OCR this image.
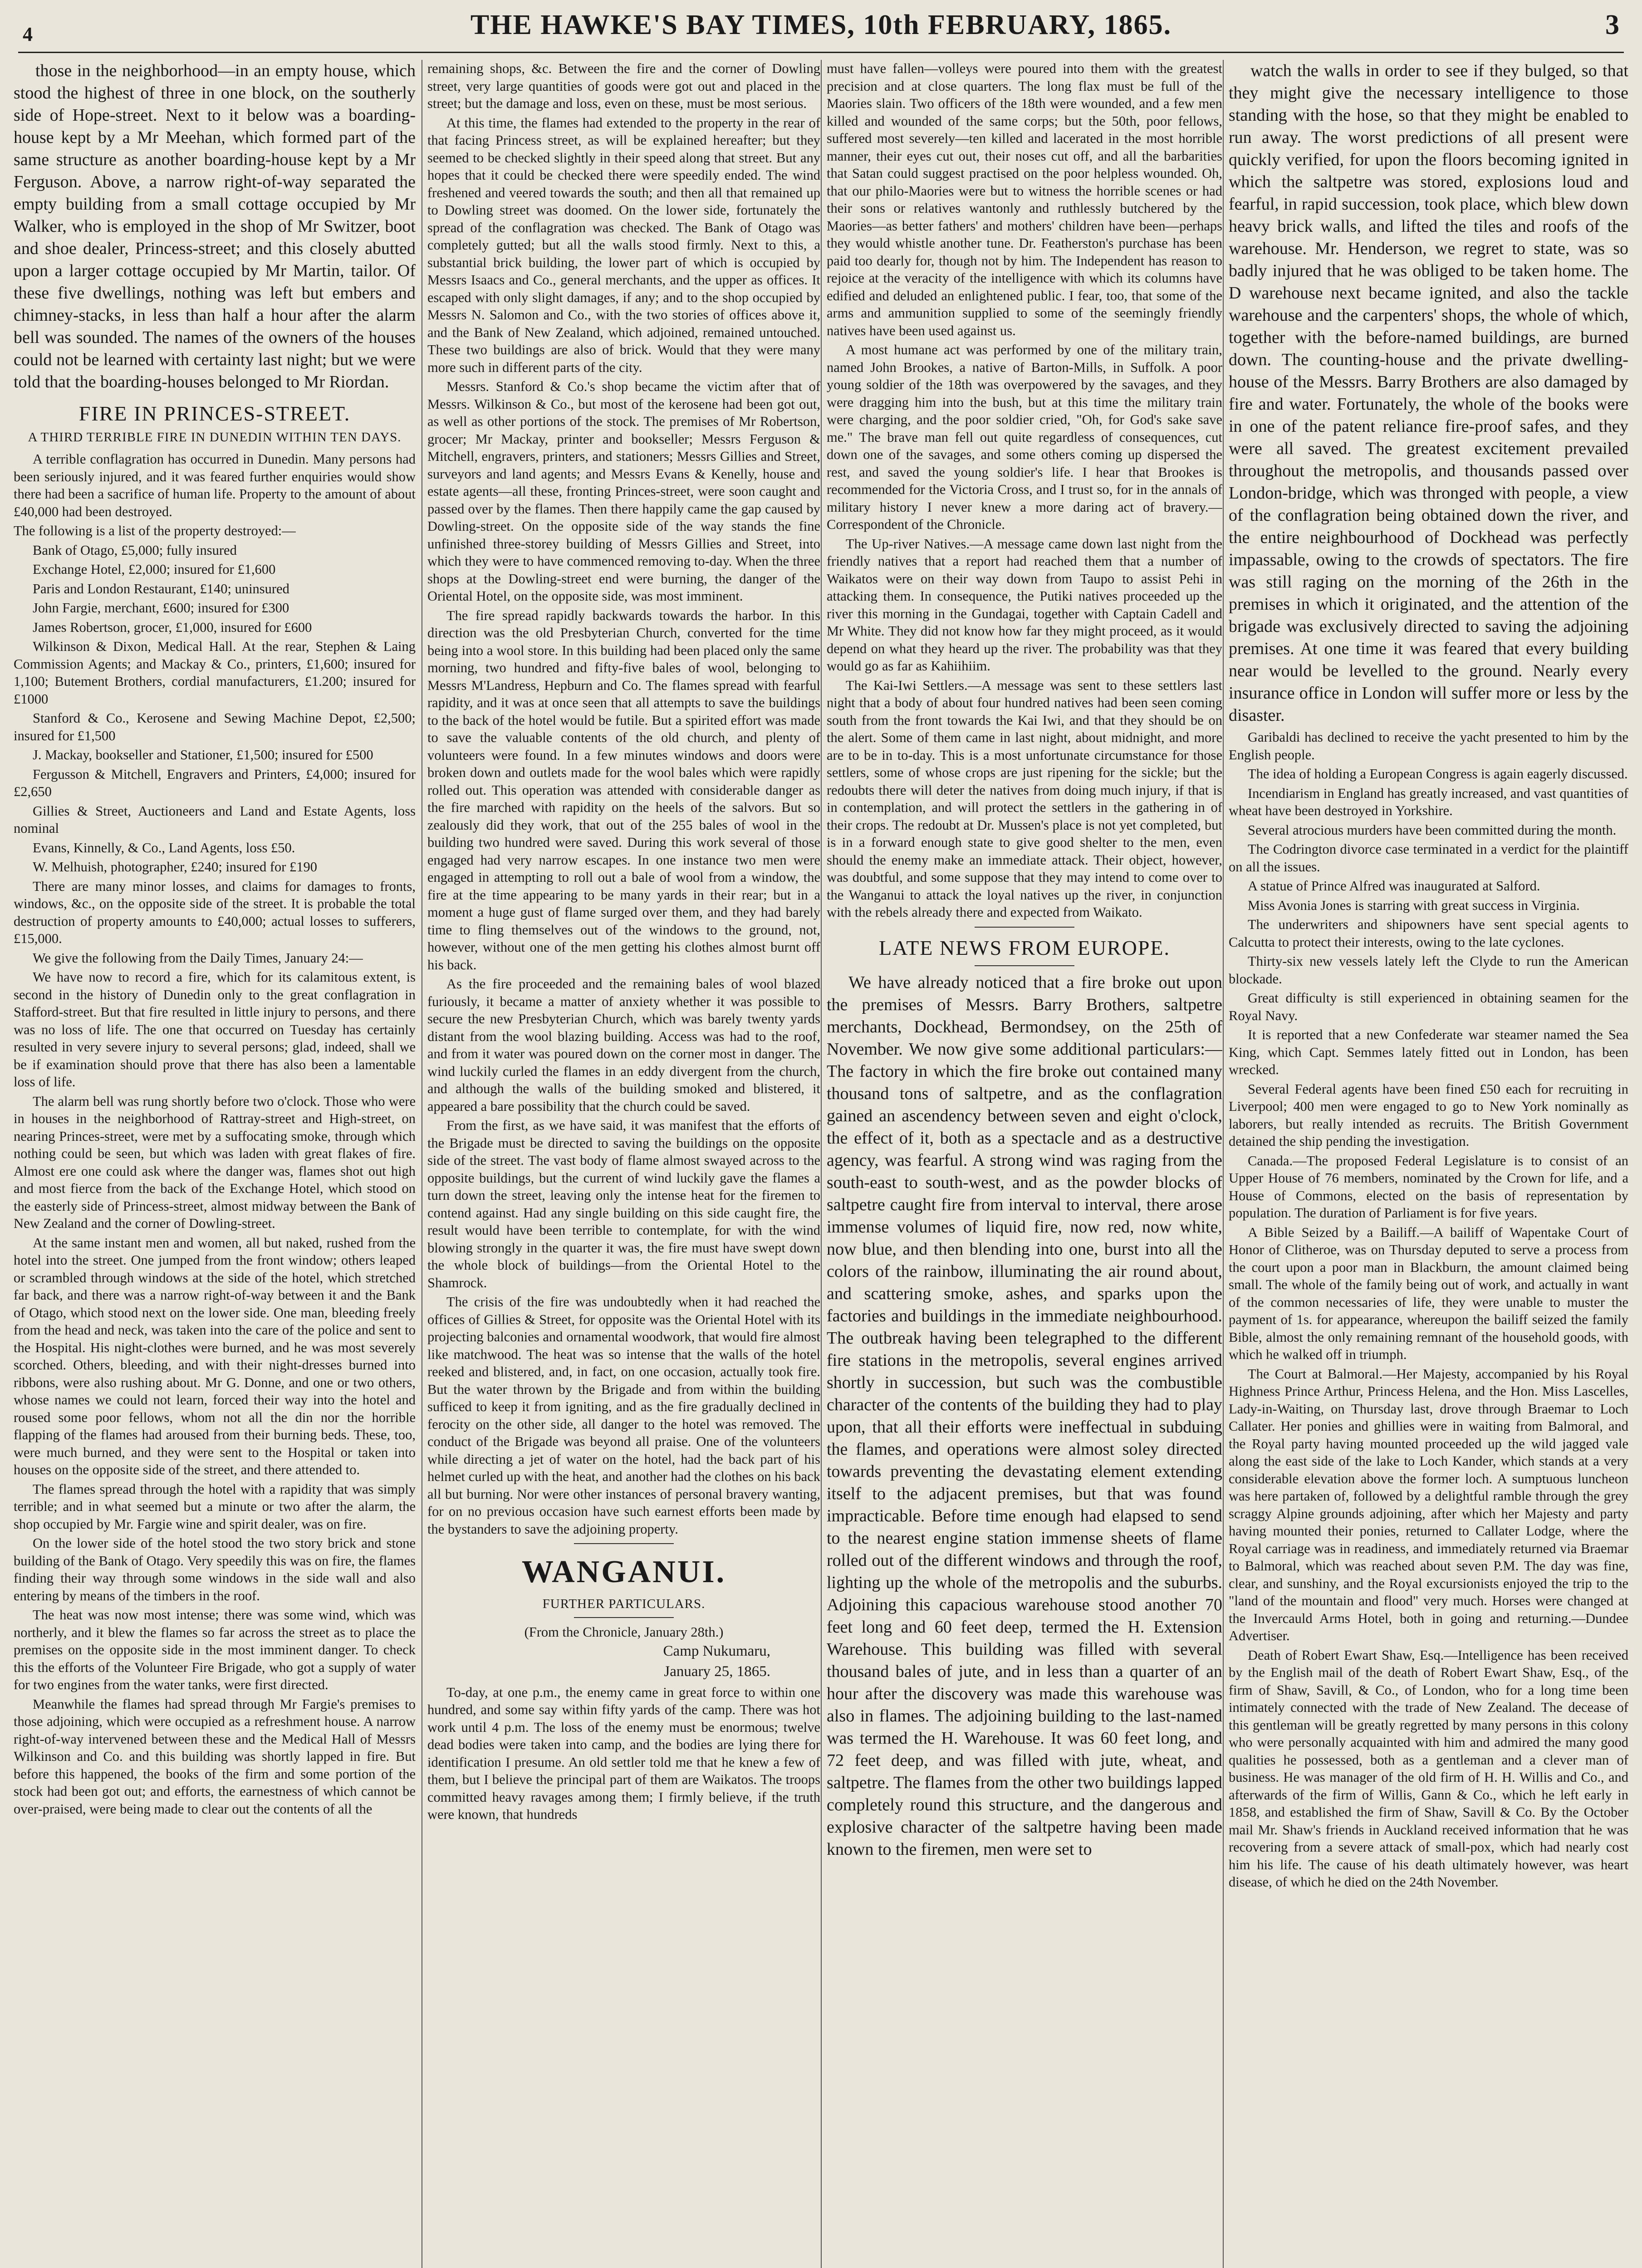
4	THE HAWKE'S BAY TIMES, 10th FEBRUARY, 1865.	3

those in the neighborhood—in an empty house, which stood the highest of three in one block, on the southerly side of Hope-street. Next to it below was a boarding-house kept by a Mr Meehan, which formed part of the same structure as another boarding-house kept by a Mr Ferguson. Above, a narrow right-of-way separated the empty building from a small cottage occupied by Mr Walker, who is employed in the shop of Mr Switzer, boot and shoe dealer, Princess-street; and this closely abutted upon a larger cottage occupied by Mr Martin, tailor. Of these five dwellings, nothing was left but embers and chimney-stacks, in less than half a hour after the alarm bell was sounded. The names of the owners of the houses could not be learned with certainty last night; but we were told that the boarding-houses belonged to Mr Riordan.

FIRE IN PRINCES-STREET.
A THIRD TERRIBLE FIRE IN DUNEDIN WITHIN TEN DAYS.

A terrible conflagration has occurred in Dunedin. Many persons had been seriously injured, and it was feared further enquiries would show there had been a sacrifice of human life. Property to the amount of about £40,000 had been destroyed.

The following is a list of the property destroyed:—

Bank of Otago, £5,000; fully insured

Exchange Hotel, £2,000; insured for £1,600

Paris and London Restaurant, £140; uninsured

John Fargie, merchant, £600; insured for £300

James Robertson, grocer, £1,000, insured for £600

Wilkinson & Dixon, Medical Hall. At the rear, Stephen & Laing Commission Agents; and Mackay & Co., printers, £1,600; insured for 1,100; Butement Brothers, cordial manufacturers, £1.200; insured for £1000

Stanford & Co., Kerosene and Sewing Machine Depot, £2,500; insured for £1,500

J. Mackay, bookseller and Stationer, £1,500; insured for £500

Fergusson & Mitchell, Engravers and Printers, £4,000; insured for £2,650

Gillies & Street, Auctioneers and Land and Estate Agents, loss nominal

Evans, Kinnelly, & Co., Land Agents, loss £50.

W. Melhuish, photographer, £240; insured for £190

There are many minor losses, and claims for damages to fronts, windows, &c., on the opposite side of the street. It is probable the total destruction of property amounts to £40,000; actual losses to sufferers, £15,000.

We give the following from the Daily Times, January 24:—

We have now to record a fire, which for its calamitous extent, is second in the history of Dunedin only to the great conflagration in Stafford-street. But that fire resulted in little injury to persons, and there was no loss of life. The one that occurred on Tuesday has certainly resulted in very severe injury to several persons; glad, indeed, shall we be if examination should prove that there has also been a lamentable loss of life.

The alarm bell was rung shortly before two o'clock. Those who were in houses in the neighborhood of Rattray-street and High-street, on nearing Princes-street, were met by a suffocating smoke, through which nothing could be seen, but which was laden with great flakes of fire. Almost ere one could ask where the danger was, flames shot out high and most fierce from the back of the Exchange Hotel, which stood on the easterly side of Princess-street, almost midway between the Bank of New Zealand and the corner of Dowling-street.

At the same instant men and women, all but naked, rushed from the hotel into the street. One jumped from the front window; others leaped or scrambled through windows at the side of the hotel, which stretched far back, and there was a narrow right-of-way between it and the Bank of Otago, which stood next on the lower side. One man, bleeding freely from the head and neck, was taken into the care of the police and sent to the Hospital. His night-clothes were burned, and he was most severely scorched. Others, bleeding, and with their night-dresses burned into ribbons, were also rushing about. Mr G. Donne, and one or two others, whose names we could not learn, forced their way into the hotel and roused some poor fellows, whom not all the din nor the horrible flapping of the flames had aroused from their burning beds. These, too, were much burned, and they were sent to the Hospital or taken into houses on the opposite side of the street, and there attended to.

The flames spread through the hotel with a rapidity that was simply terrible; and in what seemed but a minute or two after the alarm, the shop occupied by Mr. Fargie wine and spirit dealer, was on fire.

On the lower side of the hotel stood the two story brick and stone building of the Bank of Otago. Very speedily this was on fire, the flames finding their way through some windows in the side wall and also entering by means of the timbers in the roof.

The heat was now most intense; there was some wind, which was northerly, and it blew the flames so far across the street as to place the premises on the opposite side in the most imminent danger. To check this the efforts of the Volunteer Fire Brigade, who got a supply of water for two engines from the water tanks, were first directed.

Meanwhile the flames had spread through Mr Fargie's premises to those adjoining, which were occupied as a refreshment house. A narrow right-of-way intervened between these and the Medical Hall of Messrs Wilkinson and Co. and this building was shortly lapped in fire. But before this happened, the books of the firm and some portion of the stock had been got out; and efforts, the earnestness of which cannot be over-praised, were being made to clear out the contents of all the

remaining shops, &c. Between the fire and the corner of Dowling street, very large quantities of goods were got out and placed in the street; but the damage and loss, even on these, must be most serious.

At this time, the flames had extended to the property in the rear of that facing Princess street, as will be explained hereafter; but they seemed to be checked slightly in their speed along that street. But any hopes that it could be checked there were speedily ended. The wind freshened and veered towards the south; and then all that remained up to Dowling street was doomed. On the lower side, fortunately the spread of the conflagration was checked. The Bank of Otago was completely gutted; but all the walls stood firmly. Next to this, a substantial brick building, the lower part of which is occupied by Messrs Isaacs and Co., general merchants, and the upper as offices. It escaped with only slight damages, if any; and to the shop occupied by Messrs N. Salomon and Co., with the two stories of offices above it, and the Bank of New Zealand, which adjoined, remained untouched. These two buildings are also of brick. Would that they were many more such in different parts of the city.

Messrs. Stanford & Co.'s shop became the victim after that of Messrs. Wilkinson & Co., but most of the kerosene had been got out, as well as other portions of the stock. The premises of Mr Robertson, grocer; Mr Mackay, printer and bookseller; Messrs Ferguson & Mitchell, engravers, printers, and stationers; Messrs Gillies and Street, surveyors and land agents; and Messrs Evans & Kenelly, house and estate agents—all these, fronting Princes-street, were soon caught and passed over by the flames. Then there happily came the gap caused by Dowling-street. On the opposite side of the way stands the fine unfinished three-storey building of Messrs Gillies and Street, into which they were to have commenced removing to-day. When the three shops at the Dowling-street end were burning, the danger of the Oriental Hotel, on the opposite side, was most imminent.

The fire spread rapidly backwards towards the harbor. In this direction was the old Presbyterian Church, converted for the time being into a wool store. In this building had been placed only the same morning, two hundred and fifty-five bales of wool, belonging to Messrs M'Landress, Hepburn and Co. The flames spread with fearful rapidity, and it was at once seen that all attempts to save the buildings to the back of the hotel would be futile. But a spirited effort was made to save the valuable contents of the old church, and plenty of volunteers were found. In a few minutes windows and doors were broken down and outlets made for the wool bales which were rapidly rolled out. This operation was attended with considerable danger as the fire marched with rapidity on the heels of the salvors. But so zealously did they work, that out of the 255 bales of wool in the building two hundred were saved. During this work several of those engaged had very narrow escapes. In one instance two men were engaged in attempting to roll out a bale of wool from a window, the fire at the time appearing to be many yards in their rear; but in a moment a huge gust of flame surged over them, and they had barely time to fling themselves out of the windows to the ground, not, however, without one of the men getting his clothes almost burnt off his back.

As the fire proceeded and the remaining bales of wool blazed furiously, it became a matter of anxiety whether it was possible to secure the new Presbyterian Church, which was barely twenty yards distant from the wool blazing building. Access was had to the roof, and from it water was poured down on the corner most in danger. The wind luckily curled the flames in an eddy divergent from the church, and although the walls of the building smoked and blistered, it appeared a bare possibility that the church could be saved.

From the first, as we have said, it was manifest that the efforts of the Brigade must be directed to saving the buildings on the opposite side of the street. The vast body of flame almost swayed across to the opposite buildings, but the current of wind luckily gave the flames a turn down the street, leaving only the intense heat for the firemen to contend against. Had any single building on this side caught fire, the result would have been terrible to contemplate, for with the wind blowing strongly in the quarter it was, the fire must have swept down the whole block of buildings—from the Oriental Hotel to the Shamrock.

The crisis of the fire was undoubtedly when it had reached the offices of Gillies & Street, for opposite was the Oriental Hotel with its projecting balconies and ornamental woodwork, that would fire almost like matchwood. The heat was so intense that the walls of the hotel reeked and blistered, and, in fact, on one occasion, actually took fire. But the water thrown by the Brigade and from within the building sufficed to keep it from igniting, and as the fire gradually declined in ferocity on the other side, all danger to the hotel was removed. The conduct of the Brigade was beyond all praise. One of the volunteers while directing a jet of water on the hotel, had the back part of his helmet curled up with the heat, and another had the clothes on his back all but burning. Nor were other instances of personal bravery wanting, for on no previous occasion have such earnest efforts been made by the bystanders to save the adjoining property.

WANGANUI.
FURTHER PARTICULARS.

(From the Chronicle, January 28th.)

Camp Nukumaru,
January 25, 1865.

To-day, at one p.m., the enemy came in great force to within one hundred, and some say within fifty yards of the camp. There was hot work until 4 p.m. The loss of the enemy must be enormous; twelve dead bodies were taken into camp, and the bodies are lying there for identification I presume. An old settler told me that he knew a few of them, but I believe the principal part of them are Waikatos. The troops committed heavy ravages among them; I firmly believe, if the truth were known, that hundreds

must have fallen—volleys were poured into them with the greatest precision and at close quarters. The long flax must be full of the Maories slain. Two officers of the 18th were wounded, and a few men killed and wounded of the same corps; but the 50th, poor fellows, suffered most severely—ten killed and lacerated in the most horrible manner, their eyes cut out, their noses cut off, and all the barbarities that Satan could suggest practised on the poor helpless wounded. Oh, that our philo-Maories were but to witness the horrible scenes or had their sons or relatives wantonly and ruthlessly butchered by the Maories—as better fathers' and mothers' children have been—perhaps they would whistle another tune. Dr. Featherston's purchase has been paid too dearly for, though not by him. The Independent has reason to rejoice at the veracity of the intelligence with which its columns have edified and deluded an enlightened public. I fear, too, that some of the arms and ammunition supplied to some of the seemingly friendly natives have been used against us.

A most humane act was performed by one of the military train, named John Brookes, a native of Barton-Mills, in Suffolk. A poor young soldier of the 18th was overpowered by the savages, and they were dragging him into the bush, but at this time the military train were charging, and the poor soldier cried, "Oh, for God's sake save me." The brave man fell out quite regardless of consequences, cut down one of the savages, and some others coming up dispersed the rest, and saved the young soldier's life. I hear that Brookes is recommended for the Victoria Cross, and I trust so, for in the annals of military history I never knew a more daring act of bravery.—Correspondent of the Chronicle.

The Up-river Natives.—A message came down last night from the friendly natives that a report had reached them that a number of Waikatos were on their way down from Taupo to assist Pehi in attacking them. In consequence, the Putiki natives proceeded up the river this morning in the Gundagai, together with Captain Cadell and Mr White. They did not know how far they might proceed, as it would depend on what they heard up the river. The probability was that they would go as far as Kahiihiim.

The Kai-Iwi Settlers.—A message was sent to these settlers last night that a body of about four hundred natives had been seen coming south from the front towards the Kai Iwi, and that they should be on the alert. Some of them came in last night, about midnight, and more are to be in to-day. This is a most unfortunate circumstance for those settlers, some of whose crops are just ripening for the sickle; but the redoubts there will deter the natives from doing much injury, if that is in contemplation, and will protect the settlers in the gathering in of their crops. The redoubt at Dr. Mussen's place is not yet completed, but is in a forward enough state to give good shelter to the men, even should the enemy make an immediate attack. Their object, however, was doubtful, and some suppose that they may intend to come over to the Wanganui to attack the loyal natives up the river, in conjunction with the rebels already there and expected from Waikato.

LATE NEWS FROM EUROPE.

We have already noticed that a fire broke out upon the premises of Messrs. Barry Brothers, saltpetre merchants, Dockhead, Bermondsey, on the 25th of November. We now give some additional particulars:—The factory in which the fire broke out contained many thousand tons of saltpetre, and as the conflagration gained an ascendency between seven and eight o'clock, the effect of it, both as a spectacle and as a destructive agency, was fearful. A strong wind was raging from the south-east to south-west, and as the powder blocks of saltpetre caught fire from interval to interval, there arose immense volumes of liquid fire, now red, now white, now blue, and then blending into one, burst into all the colors of the rainbow, illuminating the air round about, and scattering smoke, ashes, and sparks upon the factories and buildings in the immediate neighbourhood. The outbreak having been telegraphed to the different fire stations in the metropolis, several engines arrived shortly in succession, but such was the combustible character of the contents of the building they had to play upon, that all their efforts were ineffectual in subduing the flames, and operations were almost soley directed towards preventing the devastating element extending itself to the adjacent premises, but that was found impracticable. Before time enough had elapsed to send to the nearest engine station immense sheets of flame rolled out of the different windows and through the roof, lighting up the whole of the metropolis and the suburbs. Adjoining this capacious warehouse stood another 70 feet long and 60 feet deep, termed the H. Extension Warehouse. This building was filled with several thousand bales of jute, and in less than a quarter of an hour after the discovery was made this warehouse was also in flames. The adjoining building to the last-named was termed the H. Warehouse. It was 60 feet long, and 72 feet deep, and was filled with jute, wheat, and saltpetre. The flames from the other two buildings lapped completely round this structure, and the dangerous and explosive character of the saltpetre having been made known to the firemen, men were set to

watch the walls in order to see if they bulged, so that they might give the necessary intelligence to those standing with the hose, so that they might be enabled to run away. The worst predictions of all present were quickly verified, for upon the floors becoming ignited in which the saltpetre was stored, explosions loud and fearful, in rapid succession, took place, which blew down heavy brick walls, and lifted the tiles and roofs of the warehouse. Mr. Henderson, we regret to state, was so badly injured that he was obliged to be taken home. The D warehouse next became ignited, and also the tackle warehouse and the carpenters' shops, the whole of which, together with the before-named buildings, are burned down. The counting-house and the private dwelling-house of the Messrs. Barry Brothers are also damaged by fire and water. Fortunately, the whole of the books were in one of the patent reliance fire-proof safes, and they were all saved. The greatest excitement prevailed throughout the metropolis, and thousands passed over London-bridge, which was thronged with people, a view of the conflagration being obtained down the river, and the entire neighbourhood of Dockhead was perfectly impassable, owing to the crowds of spectators. The fire was still raging on the morning of the 26th in the premises in which it originated, and the attention of the brigade was exclusively directed to saving the adjoining premises. At one time it was feared that every building near would be levelled to the ground. Nearly every insurance office in London will suffer more or less by the disaster.

Garibaldi has declined to receive the yacht presented to him by the English people.

The idea of holding a European Congress is again eagerly discussed.

Incendiarism in England has greatly increased, and vast quantities of wheat have been destroyed in Yorkshire.

Several atrocious murders have been committed during the month.

The Codrington divorce case terminated in a verdict for the plaintiff on all the issues.

A statue of Prince Alfred was inaugurated at Salford.

Miss Avonia Jones is starring with great success in Virginia.

The underwriters and shipowners have sent special agents to Calcutta to protect their interests, owing to the late cyclones.

Thirty-six new vessels lately left the Clyde to run the American blockade.

Great difficulty is still experienced in obtaining seamen for the Royal Navy.

It is reported that a new Confederate war steamer named the Sea King, which Capt. Semmes lately fitted out in London, has been wrecked.

Several Federal agents have been fined £50 each for recruiting in Liverpool; 400 men were engaged to go to New York nominally as laborers, but really intended as recruits. The British Government detained the ship pending the investigation.

Canada.—The proposed Federal Legislature is to consist of an Upper House of 76 members, nominated by the Crown for life, and a House of Commons, elected on the basis of representation by population. The duration of Parliament is for five years.

A Bible Seized by a Bailiff.—A bailiff of Wapentake Court of Honor of Clitheroe, was on Thursday deputed to serve a process from the court upon a poor man in Blackburn, the amount claimed being small. The whole of the family being out of work, and actually in want of the common necessaries of life, they were unable to muster the payment of 1s. for appearance, whereupon the bailiff seized the family Bible, almost the only remaining remnant of the household goods, with which he walked off in triumph.

The Court at Balmoral.—Her Majesty, accompanied by his Royal Highness Prince Arthur, Princess Helena, and the Hon. Miss Lascelles, Lady-in-Waiting, on Thursday last, drove through Braemar to Loch Callater. Her ponies and ghillies were in waiting from Balmoral, and the Royal party having mounted proceeded up the wild jagged vale along the east side of the lake to Loch Kander, which stands at a very considerable elevation above the former loch. A sumptuous luncheon was here partaken of, followed by a delightful ramble through the grey scraggy Alpine grounds adjoining, after which her Majesty and party having mounted their ponies, returned to Callater Lodge, where the Royal carriage was in readiness, and immediately returned via Braemar to Balmoral, which was reached about seven P.M. The day was fine, clear, and sunshiny, and the Royal excursionists enjoyed the trip to the "land of the mountain and flood" very much. Horses were changed at the Invercauld Arms Hotel, both in going and returning.—Dundee Advertiser.

Death of Robert Ewart Shaw, Esq.—Intelligence has been received by the English mail of the death of Robert Ewart Shaw, Esq., of the firm of Shaw, Savill, & Co., of London, who for a long time been intimately connected with the trade of New Zealand. The decease of this gentleman will be greatly regretted by many persons in this colony who were personally acquainted with him and admired the many good qualities he possessed, both as a gentleman and a clever man of business. He was manager of the old firm of H. H. Willis and Co., and afterwards of the firm of Willis, Gann & Co., which he left early in 1858, and established the firm of Shaw, Savill & Co. By the October mail Mr. Shaw's friends in Auckland received information that he was recovering from a severe attack of small-pox, which had nearly cost him his life. The cause of his death ultimately however, was heart disease, of which he died on the 24th November.
